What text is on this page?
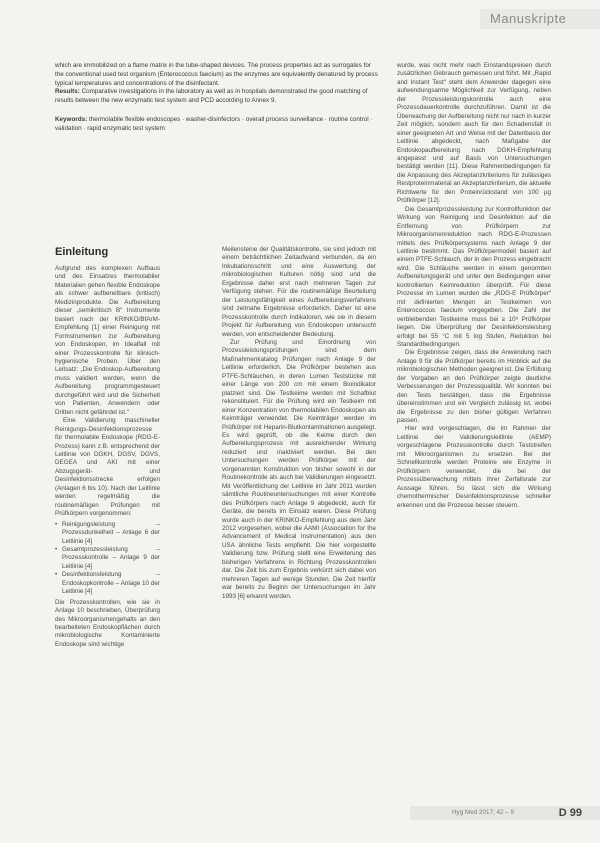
Manuskripte

which are immobilized on a flame matrix in the tube-shaped devices. The process properties act as surrogates for the conventional used test organism (Enterococcus faecium) as the enzymes are equivalently denatured by process typical temperatures and concentrations of the disinfectant.

Results: Comparative investigations in the laboratory as well as in hospitals demonstrated the good matching of results between the new enzymatic test system and PCD according to Annex 9.

Keywords: thermolabile flexible endoscopes · washer-disinfectors · overall process surveillance · routine control · validation · rapid enzymatic test system

Einleitung

Aufgrund des komplexen Aufbaus und des Einsatzes thermolabiler Materialien gehen flexible Endoskope als schwer aufbereitbare (kritisch) Medizinprodukte. Die Aufbereitung dieser „semikritisch B“ Instrumente basiert nach der KRINKO/BfArM-Empfehlung [1] einer Reinigung mit Formstrumenten zur Aufbereitung von Endoskopen, im Idealfall mit einer Prozesskontrolle für klinisch-hygienische Proben. Über den Leitsatz: „Die Endoskop-Aufbereitung muss validiert werden, wenn die Aufbereitung programmgesteuert durchgeführt wird und die Sicherheit von Patienten, Anwendern oder Dritten nicht gefährdet ist.“

Eine Validierung maschineller Reinigungs-Desinfektionsprozesse für thermolabile Endoskope (RDG-E-Prozess) kann z.B. entsprechend der Leitlinie von DGKH, DGSV, DGVS, DEGEA und AKI mit einer Abzugsgerät- und Desinfektionsstrecke erfolgen (Anlagen 6 bis 10). Nach der Leitlinie werden regelmäßig die routinemäßigen Prüfungen mit Prüfkörpern vorgenommen:

• Reinigungsleistung – Prozessdunkelheit – Anlage 6 der Leitlinie [4]
• Gesamtprozessleistung – Prozesskontrolle – Anlage 9 der Leitlinie [4]
• Desinfektionsleistung – Endoskopkontrolle – Anlage 10 der Leitlinie [4]

Die Prozesskontrollen, wie sie in Anlage 10 beschrieben, Überprüfung des Mikroorganismengehalts an den bearbeiteten Endoskopflächen durch mikrobiologische Kontaminierte Endoskope sind wichtige

Meilensteine der Qualitätskontrolle, sie sind jedoch mit einem beträchtlichen Zeitaufwand verbunden, da ein Inkubationsschritt und eine Auswertung der mikrobiologischen Kulturen nötig sind und die Ergebnisse daher erst nach mehreren Tagen zur Verfügung stehen. Für die routinemäßige Beurteilung der Leistungsfähigkeit eines Aufbereitungsverfahrens sind zeitnahe Ergebnisse erforderlich. Daher ist eine Prozesskontrolle durch Indikatoren, wie sie in diesem Projekt für Aufbereitung von Endoskopen untersucht werden, von entscheidender Bedeutung.

Zur Prüfung und Einordnung von Prozessleistungsprüfungen sind dem Maßnahmenkatalog Prüfungen nach Anlage 9 der Leitlinie erforderlich. Die Prüfkörper bestehen aus PTFE-Schläuchen, in deren Lumen Teststücke mit einer Länge von 200 cm mit einem Bioindikator platziert sind. Die Testkeime werden mit Schafblut rekonstituiert. Für die Prüfung wird ein Testkeim mit einer Konzentration von thermolabilen Endoskopen als Keimträger verwendet. Die Keimträger werden im Prüfkörper mit Heparin-Blutkontaminationen ausgelegt. Es wird geprüft, ob die Keime durch den Aufbereitungsprozess mit ausreichender Wirkung reduziert und inaktiviert werden. Bei den Untersuchungen werden Prüfkörper mit der vorgenannten Konstruktion von bisher sowohl in der Routinekontrolle als auch bei Validierungen eingesetzt. Mit Veröffentlichung der Leitlinie im Jahr 2011 wurden sämtliche Routineuntersuchungen mit einer Kontrolle des Prüfkörpers nach Anlage 9 abgedeckt, auch für Geräte, die bereits im Einsatz waren. Diese Prüfung wurde auch in der KRINKO-Empfehlung aus dem Jahr 2012 vorgesehen, wobei die AAMI (Association for the Advancement of Medical Instrumentation) aus den USA ähnliche Tests empfiehlt. Die hier vorgestellte Validierung bzw. Prüfung stellt eine Erweiterung des bisherigen Verfahrens in Richtung Prozesskontrollen dar. Die Zeit bis zum Ergebnis verkürzt sich dabei von mehreren Tagen auf wenige Stunden. Die Zeit hierfür war bereits zu Beginn der Untersuchungen im Jahr 1993 [6] erkannt worden.

wurde, was nicht mehr nach Einstandspreisen durch zusätzlichen Gebrauch gemessen und führt. Mit „Rapid and Instant Test“ steht dem Anwender dagegen eine aufwendungsarme Möglichkeit zur Verfügung, neben der Prozessleistungskontrolle auch eine Prozessdauerkontrolle durchzuführen. Damit ist die Überwachung der Aufbereitung nicht nur nach in kurzer Zeit möglich, sondern auch für den Schadensfall in einer geeigneten Art und Weise mit der Datenbasis der Leitlinie abgedeckt, nach Maßgabe der Endoskopaufbereitung nach DGKH-Empfehlung angepasst und auf Basis von Untersuchungen bestätigt werden [11]. Diese Rahmenbedingungen für die Anpassung des Akzeptanzkriteriums für zulässiges Restproteinmaterial an Akzeptanzkriterium, die aktuelle Richtwerte für den Proteinrückstand von 100 µg Prüfkörper [12].

Die Gesamtprozessleistung zur Kontrollfunktion der Wirkung von Reinigung und Desinfektion auf die Entfernung von Prüfkörpern zur Mikroorganismenreduktion nach RDG-E-Prozessen mittels des Prüfkörpersystems nach Anlage 9 der Leitlinie bestimmt. Das Prüfkörpermodell basiert auf einem PTFE-Schlauch, der in den Prozess eingebracht wird. Die Schläuche werden in einem genormten Aufbereitungsgerät und unter den Bedingungen einer kontrollierten Keimreduktion überprüft. Für diese Prozesse im Lumen wurden die „RDG-E Prüfkörper“ mit definierten Mengen an Testkeimen von Enterococcus faecium vorgegeben. Die Zahl der verbleibenden Testkeime muss bei ≥ 10⁵ Prüfkörper liegen. Die Überprüfung der Desinfektionsleistung erfolgt bei 55 °C mit 5 log Stufen, Reduktion bei Standardbedingungen.

Die Ergebnisse zeigen, dass die Anwendung nach Anlage 9 für die Prüfkörper bereits im Hinblick auf die mikrobiologischen Methoden geeignet ist. Die Erfüllung der Vorgaben an den Prüfkörper zeigte deutliche Verbesserungen der Prozessqualität. Wir konnten bei den Tests bestätigen, dass die Ergebnisse übereinstimmen und ein Vergleich zulässig ist, wobei die Ergebnisse zu den bisher gültigen Verfahren passen.

Hier wird vorgeschlagen, die im Rahmen der Leitlinie der Validierungsleitlinie (AEMP) vorgeschlagene Prozesskontrolle durch Teststreifen mit Mikroorganismen zu ersetzen. Bei der Schnellkontrolle werden Proteine wie Enzyme in Prüfkörpern verwendet, die bei der Prozessüberwachung mittels ihrer Zerfallsrate zur Aussage führen. So lässt sich die Wirkung chemothermischer Desinfektionsprozesse schneller erkennen und die Prozesse besser steuern.

Hyg Med 2017; 42 – 9	D 99
